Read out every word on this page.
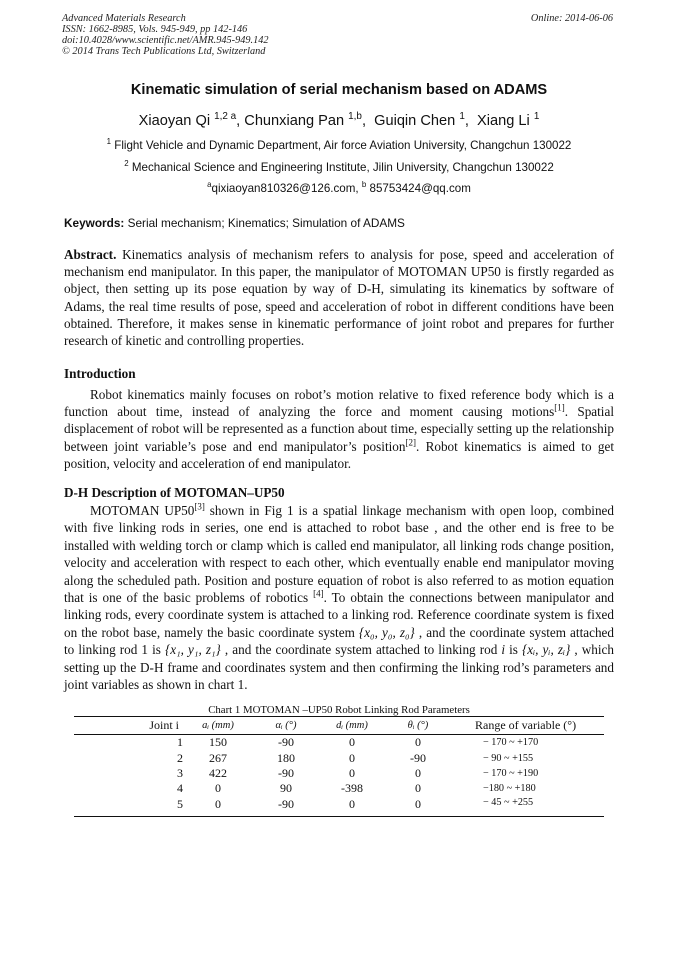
Advanced Materials Research
ISSN: 1662-8985, Vols. 945-949, pp 142-146
doi:10.4028/www.scientific.net/AMR.945-949.142
© 2014 Trans Tech Publications Ltd, Switzerland
Online: 2014-06-06
Kinematic simulation of serial mechanism based on ADAMS
Xiaoyan Qi $^{1,2 a}$, Chunxiang Pan $^{1,b}$,  Guiqin Chen $^1$,  Xiang Li $^1$
$^1$ Flight Vehicle and Dynamic Department, Air force Aviation University, Changchun 130022
$^2$ Mechanical Science and Engineering Institute, Jilin University, Changchun 130022
$^a$qixiaoyan810326@126.com, $^b$ 85753424@qq.com
Keywords: Serial mechanism; Kinematics; Simulation of ADAMS
Abstract. Kinematics analysis of mechanism refers to analysis for pose, speed and acceleration of mechanism end manipulator. In this paper, the manipulator of MOTOMAN UP50 is firstly regarded as object, then setting up its pose equation by way of D-H, simulating its kinematics by software of Adams, the real time results of pose, speed and acceleration of robot in different conditions have been obtained. Therefore, it makes sense in kinematic performance of joint robot and prepares for further research of kinetic and controlling properties.
Introduction
Robot kinematics mainly focuses on robot’s motion relative to fixed reference body which is a function about time, instead of analyzing the force and moment causing motions[1]. Spatial displacement of robot will be represented as a function about time, especially setting up the relationship between joint variable’s pose and end manipulator’s position[2]. Robot kinematics is aimed to get position, velocity and acceleration of end manipulator.
D-H Description of MOTOMAN–UP50
MOTOMAN UP50[3] shown in Fig 1 is a spatial linkage mechanism with open loop, combined with five linking rods in series, one end is attached to robot base , and the other end is free to be installed with welding torch or clamp which is called end manipulator, all linking rods change position, velocity and acceleration with respect to each other, which eventually enable end manipulator moving along the scheduled path. Position and posture equation of robot is also referred to as motion equation that is one of the basic problems of robotics [4]. To obtain the connections between manipulator and linking rods, every coordinate system is attached to a linking rod. Reference coordinate system is fixed on the robot base, namely the basic coordinate system {x₀, y₀, z₀} , and the coordinate system attached to linking rod 1 is {x₁, y₁, z₁} , and the coordinate system attached to linking rod i is {xᵢ, yᵢ, zᵢ} , which setting up the D-H frame and coordinates system and then confirming the linking rod’s parameters and joint variables as shown in chart 1.
Chart 1 MOTOMAN –UP50 Robot Linking Rod Parameters
Joint i	aᵢ (mm)	αᵢ (°)	dᵢ (mm)	θᵢ (°)	Range of variable (°)
1	150	-90	0	0	− 170 ~ +170
2	267	180	0	-90	− 90 ~ +155
3	422	-90	0	0	− 170 ~ +190
4	0	90	-398	0	−180 ~ +180
5	0	-90	0	0	− 45 ~ +255
